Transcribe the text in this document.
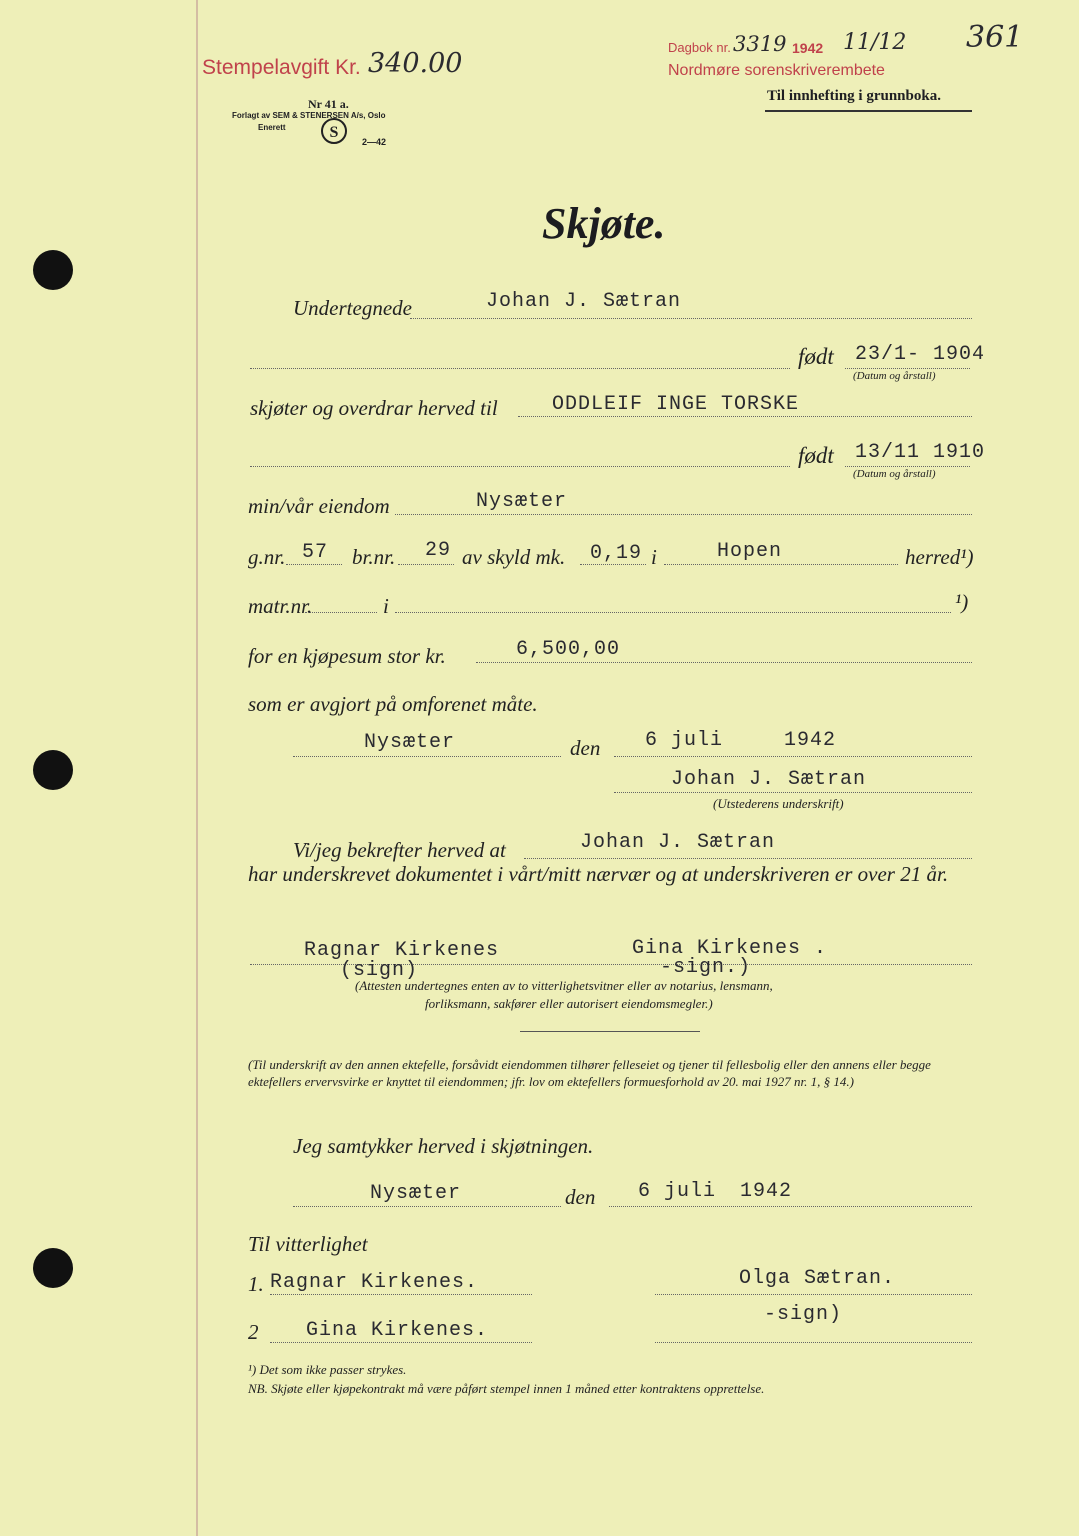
Stempelavgift Kr. 340.00
Nr 41 a.
Forlagt av SEM & STENERSEN A/s, Oslo
Enerett	S
2—42
Dagbok nr. 3319 1942 11/12
Nordmøre sorenskriverembete
Til innhefting i grunnboka.
361
Skjøte.
Undertegnede	Johan J. Sætran
født 23/1- 1904
(Datum og årstall)
skjøter og overdrar herved til	ODDLEIF INGE TORSKE
født 13/11 1910
(Datum og årstall)
min/vår eiendom	Nysæter
g.nr. 57 br.nr. 29 av skyld mk. 0,19 i	Hopen	herred¹)
matr.nr.	i	¹)
for en kjøpesum stor kr.	6,500,00
som er avgjort på omforenet måte.
Nysæter	den 6 juli	1942
Johan J. Sætran
(Utstederens underskrift)
Vi/jeg bekrefter herved at	Johan J. Sætran
har underskrevet dokumentet i vårt/mitt nærvær og at underskriveren er over 21 år.
Ragnar Kirkenes
(sign)
Gina Kirkenes .
-sign.)
(Attesten undertegnes enten av to vitterlighetsvitner eller av notarius, lensmann,
forliksmann, sakfører eller autorisert eiendomsmegler.)
(Til underskrift av den annen ektefelle, forsåvidt eiendommen tilhører felleseiet og tjener til fellesbolig eller den annens eller begge ektefellers ervervsvirke er knyttet til eiendommen; jfr. lov om ektefellers formuesforhold av 20. mai 1927 nr. 1, § 14.)
Jeg samtykker herved i skjøtningen.
Nysæter	den 6 juli 1942
Til vitterlighet
1. Ragnar Kirkenes.	Olga Sætran.
-sign)
2 Gina Kirkenes.
¹) Det som ikke passer strykes.
NB. Skjøte eller kjøpekontrakt må være påført stempel innen 1 måned etter kontraktens opprettelse.
